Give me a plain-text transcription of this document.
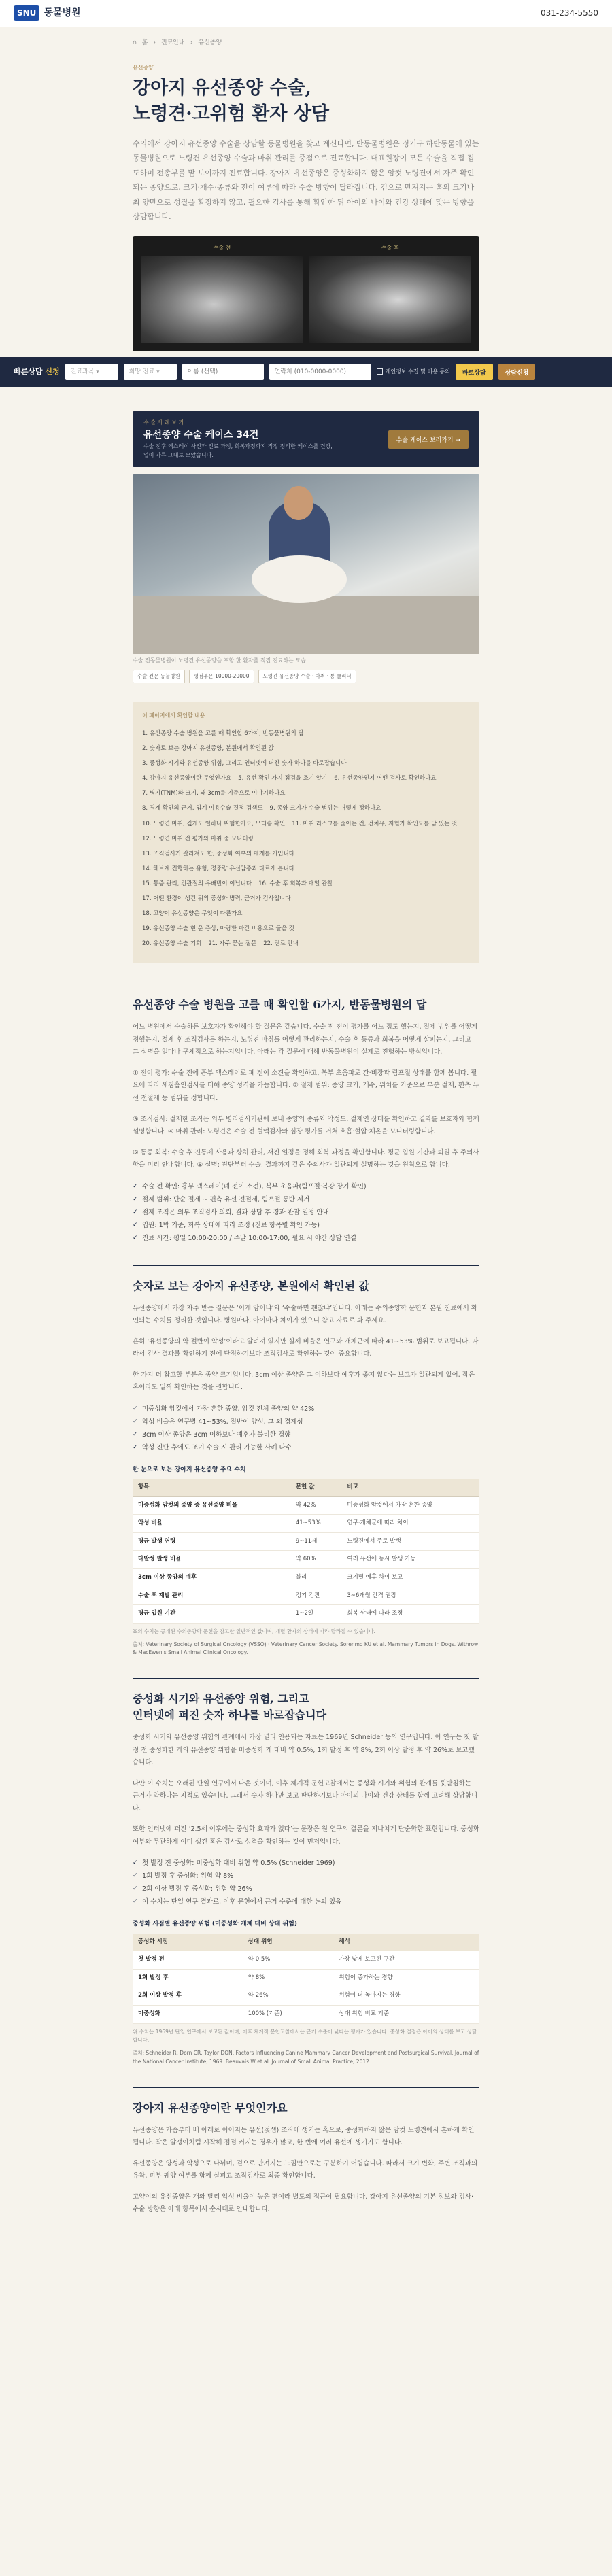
SNU 동물병원	031-234-5550
⌂ 홈 › 진료안내 › 유선종양
유선종양
강아지 유선종양 수술,
노령견·고위험 환자 상담

수의에서 강아지 유선종양 수술을 상담할 동물병원을 찾고 계신다면, 반동물병원은 정기구 하반동물에 있는 동물병원으로 노령견 유선종양 수술과 마취 관리를 중점으로 진료합니다. 대표원장이 모든 수술을 직접 집도하며 전총부를 맡 보이까지 진료합니다. 강아지 유선종양은 중성화하지 않은 암컷 노령견에서 자주 확인되는 종양으로, 크기·개수·종류와 전이 여부에 따라 수술 방향이 달라집니다. 검으로 만져지는 혹의 크기나 최 양만으로 성질을 확정하지 않고, 필요한 검사를 통해 확인한 뒤 아이의 나이와 건강 상태에 맞는 방향을 상담합니다.

수술 전	수술 후
수 술 사 례 보 기
유선종양 수술 케이스 34건
수술 전후 엑스레이 사진과 진료 과정, 회복과정까지 직접 정리한 케이스를 건강,
업이 가득 그대로 모았습니다.
수술 케이스 보러가기 →
수술 전동물병원이 노령견 유선종양을 포함 한 환자를 직접 진료하는 모습
수술 전문 동물병원	평점부문 10000-20000	노령견 유선종양 수술 · 마취 · 통 클리닉
이 페이지에서 확인할 내용
1. 유선종양 수술 병원을 고를 때 확인할 6가지, 반동물병원의 답
2. 숫자로 보는 강아지 유선종양, 본원에서 확인된 값
3. 중성화 시기와 유선종양 위험, 그리고 인터넷에 퍼진 숫자 하나를 바로잡습니다
4. 강아지 유선종양이란 무엇인가요 5. 유선 확인 가지 점검을 조기 알기 6. 유선종양인지 어떤 검사로 확인하나요
7. 병기(TNM)와 크기, 왜 3cm를 기준으로 이야기하나요
8. 경계 확인의 근거, 임계 이용수술 결정 검색도 9. 종양 크기가 수술 범위는 어떻게 정하나요
10. 노령견 마취, 깊게도 일하나 위험한가요, 모더송 확인 11. 마취 리스크를 줄이는 건, 건치유, 저혈가 확인도를 담 있는 것
12. 노령견 마취 전 평가와 마취 중 모니터링
13. 조직검사가 갈라져도 한, 중성화 여부의 매개를 기입니다
14. 해브계 진행하는 유형, 경중량 유선암종과 다르게 봅니다
15. 통증 관리, 건관절의 유배반이 이닙니다 16. 수술 후 회복과 매일 관찰
17. 어떤 환경이 생긴 뒤의 중성화 병력, 근거가 검사입니다
18. 고양이 유선종양은 무엇이 다른가요
19. 유선종양 수술 현 운 증상, 마랑환 마간 비용으로 들을 것
20. 유선종양 수술 기회 21. 자주 묻는 질문 22. 진료 안내
유선종양 수술 병원을 고를 때 확인할 6가지, 반동물병원의 답

어느 병원에서 수술하든 보호자가 확인해야 할 질문은 같습니다. 수술 전 전이 평가를 어느 정도 했는지, 절제 범위를 어떻게 정했는지, 절제 후 조직검사를 하는지, 노령견 마취를 어떻게 관리하는지, 수술 후 통증과 회복을 어떻게 살피는지, 그리고 그 설명을 얼마나 구체적으로 하는지입니다. 아래는 각 질문에 대해 반동물병원이 실제로 진행하는 방식입니다.

① 전이 평가: 수술 전에 흉부 엑스레이로 폐 전이 소견을 확인하고, 복부 초음파로 간·비장과 림프절 상태를 함께 봅니다. 필요에 따라 세침흡인검사를 더해 종양 성격을 가늠합니다. ② 절제 범위: 종양 크기, 개수, 위치를 기준으로 부분 절제, 편측 유선 전절제 등 범위를 정합니다.

③ 조직검사: 절제한 조직은 외부 병리검사기관에 보내 종양의 종류와 악성도, 절제연 상태를 확인하고 결과를 보호자와 함께 설명합니다. ④ 마취 관리: 노령견은 수술 전 혈액검사와 심장 평가를 거쳐 호흡·혈압·체온을 모니터링합니다.

⑤ 통증·회복: 수술 후 진통제 사용과 상처 관리, 재진 일정을 정해 회복 과정을 확인합니다. 평균 입원 기간과 퇴원 후 주의사항을 미리 안내합니다. ⑥ 설명: 진단부터 수술, 결과까지 같은 수의사가 일관되게 설명하는 것을 원칙으로 합니다.

✓ 수술 전 확인: 흉부 엑스레이(폐 전이 소견), 복부 초음파(림프절·복강 장기 확인)
✓ 절제 범위: 단순 절제 ~ 편측 유선 전절제, 림프절 동반 제거
✓ 절제 조직은 외부 조직검사 의뢰, 결과 상담 후 경과 관찰 일정 안내
✓ 입원: 1박 기준, 회복 상태에 따라 조정 (진료 항목별 확인 가능)
✓ 진료 시간: 평일 10:00-20:00 / 주말 10:00-17:00, 필요 시 야간 상담 연결
숫자로 보는 강아지 유선종양, 본원에서 확인된 값

유선종양에서 가장 자주 받는 질문은 ‘이게 암이냐’와 ‘수술하면 괜찮냐’입니다. 아래는 수의종양학 문헌과 본원 진료에서 확인되는 수치를 정리한 것입니다. 병원마다, 아이마다 차이가 있으니 참고 자료로 봐 주세요.

흔히 ‘유선종양의 약 절반이 악성’이라고 알려져 있지만 실제 비율은 연구와 개체군에 따라 41~53% 범위로 보고됩니다. 따라서 검사 결과를 확인하기 전에 단정하기보다 조직검사로 확인하는 것이 중요합니다.

한 가지 더 참고할 부분은 종양 크기입니다. 3cm 이상 종양은 그 이하보다 예후가 좋지 않다는 보고가 일관되게 있어, 작은 혹이라도 일찍 확인하는 것을 권합니다.

✓ 미중성화 암컷에서 가장 흔한 종양, 암컷 전체 종양의 약 42%
✓ 악성 비율은 연구별 41~53%, 절반이 양성, 그 외 경계성
✓ 3cm 이상 종양은 3cm 이하보다 예후가 불리한 경향
✓ 악성 진단 후에도 조기 수술 시 관리 가능한 사례 다수
한 눈으로 보는 강아지 유선종양 주요 수치
항목	문헌 값	비고
미중성화 암컷의 종양 중 유선종양 비율	약 42%	미중성화 암컷에서 가장 흔한 종양
악성 비율	41~53%	연구·개체군에 따라 차이
평균 발생 연령	9~11세	노령견에서 주로 발생
다발성 발생 비율	약 60%	여러 유선에 동시 발생 가능
3cm 이상 종양의 예후	불리	크기별 예후 차이 보고
수술 후 재발 관리	정기 검진	3~6개월 간격 권장
평균 입원 기간	1~2일	회복 상태에 따라 조정
표의 수치는 공개된 수의종양학 문헌을 참고한 일반적인 값이며, 개별 환자의 상태에 따라 달라질 수 있습니다.
출처: Veterinary Society of Surgical Oncology (VSSO) · Veterinary Cancer Society. Sorenmo KU et al. Mammary Tumors in Dogs. Withrow & MacEwen's Small Animal Clinical Oncology.
중성화 시기와 유선종양 위험, 그리고
인터넷에 퍼진 숫자 하나를 바로잡습니다

중성화 시기와 유선종양 위험의 관계에서 가장 널리 인용되는 자료는 1969년 Schneider 등의 연구입니다. 이 연구는 첫 발정 전 중성화한 개의 유선종양 위험을 미중성화 개 대비 약 0.5%, 1회 발정 후 약 8%, 2회 이상 발정 후 약 26%로 보고했습니다.

다만 이 수치는 오래된 단일 연구에서 나온 것이며, 이후 체계적 문헌고찰에서는 중성화 시기와 위험의 관계를 뒷받침하는 근거가 약하다는 지적도 있습니다. 그래서 숫자 하나만 보고 판단하기보다 아이의 나이와 건강 상태를 함께 고려해 상담합니다.

또한 인터넷에 퍼진 ‘2.5세 이후에는 중성화 효과가 없다’는 문장은 원 연구의 결론을 지나치게 단순화한 표현입니다. 중성화 여부와 무관하게 이미 생긴 혹은 검사로 성격을 확인하는 것이 먼저입니다.

✓ 첫 발정 전 중성화: 미중성화 대비 위험 약 0.5% (Schneider 1969)
✓ 1회 발정 후 중성화: 위험 약 8%
✓ 2회 이상 발정 후 중성화: 위험 약 26%
✓ 이 수치는 단일 연구 결과로, 이후 문헌에서 근거 수준에 대한 논의 있음
중성화 시점별 유선종양 위험 (미중성화 개체 대비 상대 위험)
중성화 시점	상대 위험	해석
첫 발정 전	약 0.5%	가장 낮게 보고된 구간
1회 발정 후	약 8%	위험이 증가하는 경향
2회 이상 발정 후	약 26%	위험이 더 높아지는 경향
미중성화	100% (기준)	상대 위험 비교 기준
위 수치는 1969년 단일 연구에서 보고된 값이며, 이후 체계적 문헌고찰에서는 근거 수준이 낮다는 평가가 있습니다. 중성화 결정은 아이의 상태를 보고 상담합니다.
출처: Schneider R, Dorn CR, Taylor DON. Factors Influencing Canine Mammary Cancer Development and Postsurgical Survival. Journal of the National Cancer Institute, 1969. Beauvais W et al. Journal of Small Animal Practice, 2012.
강아지 유선종양이란 무엇인가요

유선종양은 가슴부터 배 아래로 이어지는 유선(젖샘) 조직에 생기는 혹으로, 중성화하지 않은 암컷 노령견에서 흔하게 확인됩니다. 작은 알갱이처럼 시작해 점점 커지는 경우가 많고, 한 번에 여러 유선에 생기기도 합니다.

유선종양은 양성과 악성으로 나뉘며, 겉으로 만져지는 느낌만으로는 구분하기 어렵습니다. 따라서 크기 변화, 주변 조직과의 유착, 피부 궤양 여부를 함께 살피고 조직검사로 최종 확인합니다.

고양이의 유선종양은 개와 달리 악성 비율이 높은 편이라 별도의 접근이 필요합니다. 강아지 유선종양의 기본 정보와 검사·수술 방향은 아래 항목에서 순서대로 안내합니다.

빠른상담 신청 진료과목
▾	희망 진료
▾
이름 (선택)
연락처 (010-0000-0000)	개인정보 수집 및 이용 동의	바로상담	상담신청
